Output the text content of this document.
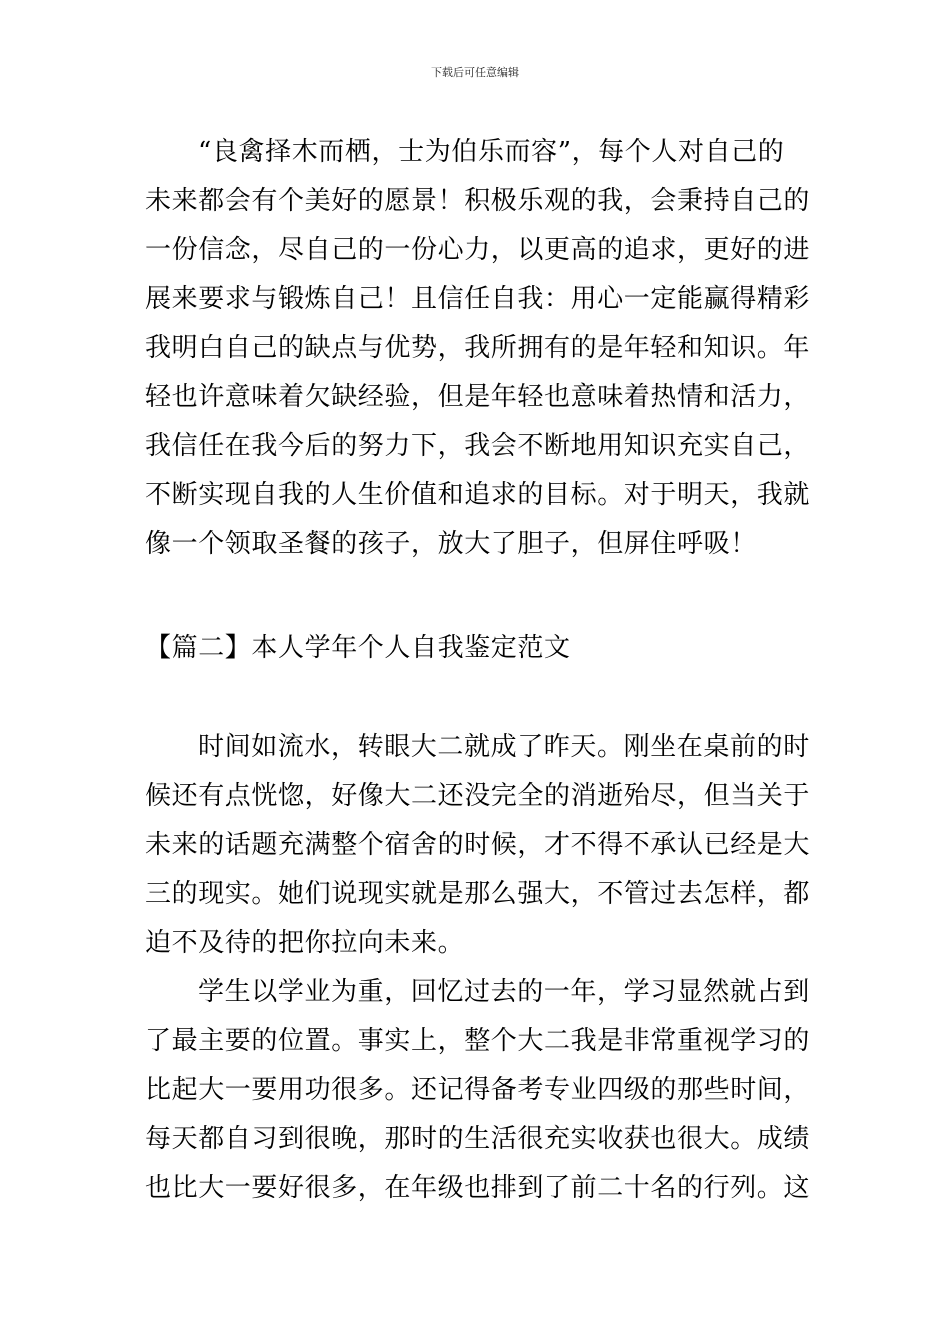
下载后可任意编辑
“良禽择木而栖，士为伯乐而容”，每个人对自己的
未来都会有个美好的愿景！积极乐观的我，会秉持自己的
一份信念，尽自己的一份心力，以更高的追求，更好的进
展来要求与锻炼自己！且信任自我：用心一定能赢得精彩
我明白自己的缺点与优势，我所拥有的是年轻和知识。年
轻也许意味着欠缺经验，但是年轻也意味着热情和活力，
我信任在我今后的努力下，我会不断地用知识充实自己，
不断实现自我的人生价值和追求的目标。对于明天，我就
像一个领取圣餐的孩子，放大了胆子，但屏住呼吸！
【篇二】本人学年个人自我鉴定范文
时间如流水，转眼大二就成了昨天。刚坐在桌前的时
候还有点恍惚，好像大二还没完全的消逝殆尽，但当关于
未来的话题充满整个宿舍的时候，才不得不承认已经是大
三的现实。她们说现实就是那么强大，不管过去怎样，都
迫不及待的把你拉向未来。
学生以学业为重，回忆过去的一年，学习显然就占到
了最主要的位置。事实上，整个大二我是非常重视学习的
比起大一要用功很多。还记得备考专业四级的那些时间，
每天都自习到很晚，那时的生活很充实收获也很大。成绩
也比大一要好很多，在年级也排到了前二十名的行列。这
